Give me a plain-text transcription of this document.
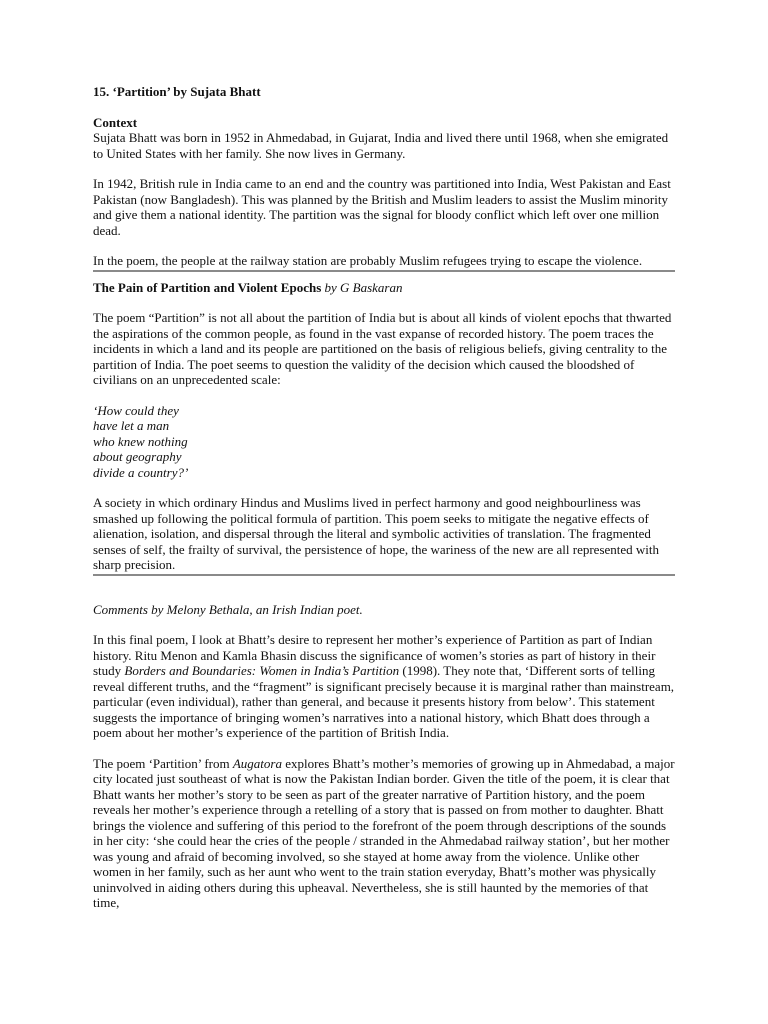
15. ‘Partition’ by Sujata Bhatt
Context

Sujata Bhatt was born in 1952 in Ahmedabad, in Gujarat, India and lived there until 1968, when she emigrated to United States with her family. She now lives in Germany.

In 1942, British rule in India came to an end and the country was partitioned into India, West Pakistan and East Pakistan (now Bangladesh). This was planned by the British and Muslim leaders to assist the Muslim minority and give them a national identity. The partition was the signal for bloody conflict which left over one million dead.

In the poem, the people at the railway station are probably Muslim refugees trying to escape the violence.

The Pain of Partition and Violent Epochs by G Baskaran

The poem “Partition” is not all about the partition of India but is about all kinds of violent epochs that thwarted the aspirations of the common people, as found in the vast expanse of recorded history. The poem traces the incidents in which a land and its people are partitioned on the basis of religious beliefs, giving centrality to the partition of India. The poet seems to question the validity of the decision which caused the bloodshed of civilians on an unprecedented scale:

‘How could they
have let a man
who knew nothing
about geography
divide a country?’

A society in which ordinary Hindus and Muslims lived in perfect harmony and good neighbourliness was smashed up following the political formula of partition. This poem seeks to mitigate the negative effects of alienation, isolation, and dispersal through the literal and symbolic activities of translation. The fragmented senses of self, the frailty of survival, the persistence of hope, the wariness of the new are all represented with sharp precision.

Comments by Melony Bethala, an Irish Indian poet.

In this final poem, I look at Bhatt’s desire to represent her mother’s experience of Partition as part of Indian history. Ritu Menon and Kamla Bhasin discuss the significance of women’s stories as part of history in their study Borders and Boundaries: Women in India’s Partition (1998). They note that, ‘Different sorts of telling reveal different truths, and the “fragment” is significant precisely because it is marginal rather than mainstream, particular (even individual), rather than general, and because it presents history from below’. This statement suggests the importance of bringing women’s narratives into a national history, which Bhatt does through a poem about her mother’s experience of the partition of British India.

The poem ‘Partition’ from Augatora explores Bhatt’s mother’s memories of growing up in Ahmedabad, a major city located just southeast of what is now the Pakistan Indian border. Given the title of the poem, it is clear that Bhatt wants her mother’s story to be seen as part of the greater narrative of Partition history, and the poem reveals her mother’s experience through a retelling of a story that is passed on from mother to daughter. Bhatt brings the violence and suffering of this period to the forefront of the poem through descriptions of the sounds in her city: ‘she could hear the cries of the people / stranded in the Ahmedabad railway station’, but her mother was young and afraid of becoming involved, so she stayed at home away from the violence. Unlike other women in her family, such as her aunt who went to the train station everyday, Bhatt’s mother was physically uninvolved in aiding others during this upheaval. Nevertheless, she is still haunted by the memories of that time,
